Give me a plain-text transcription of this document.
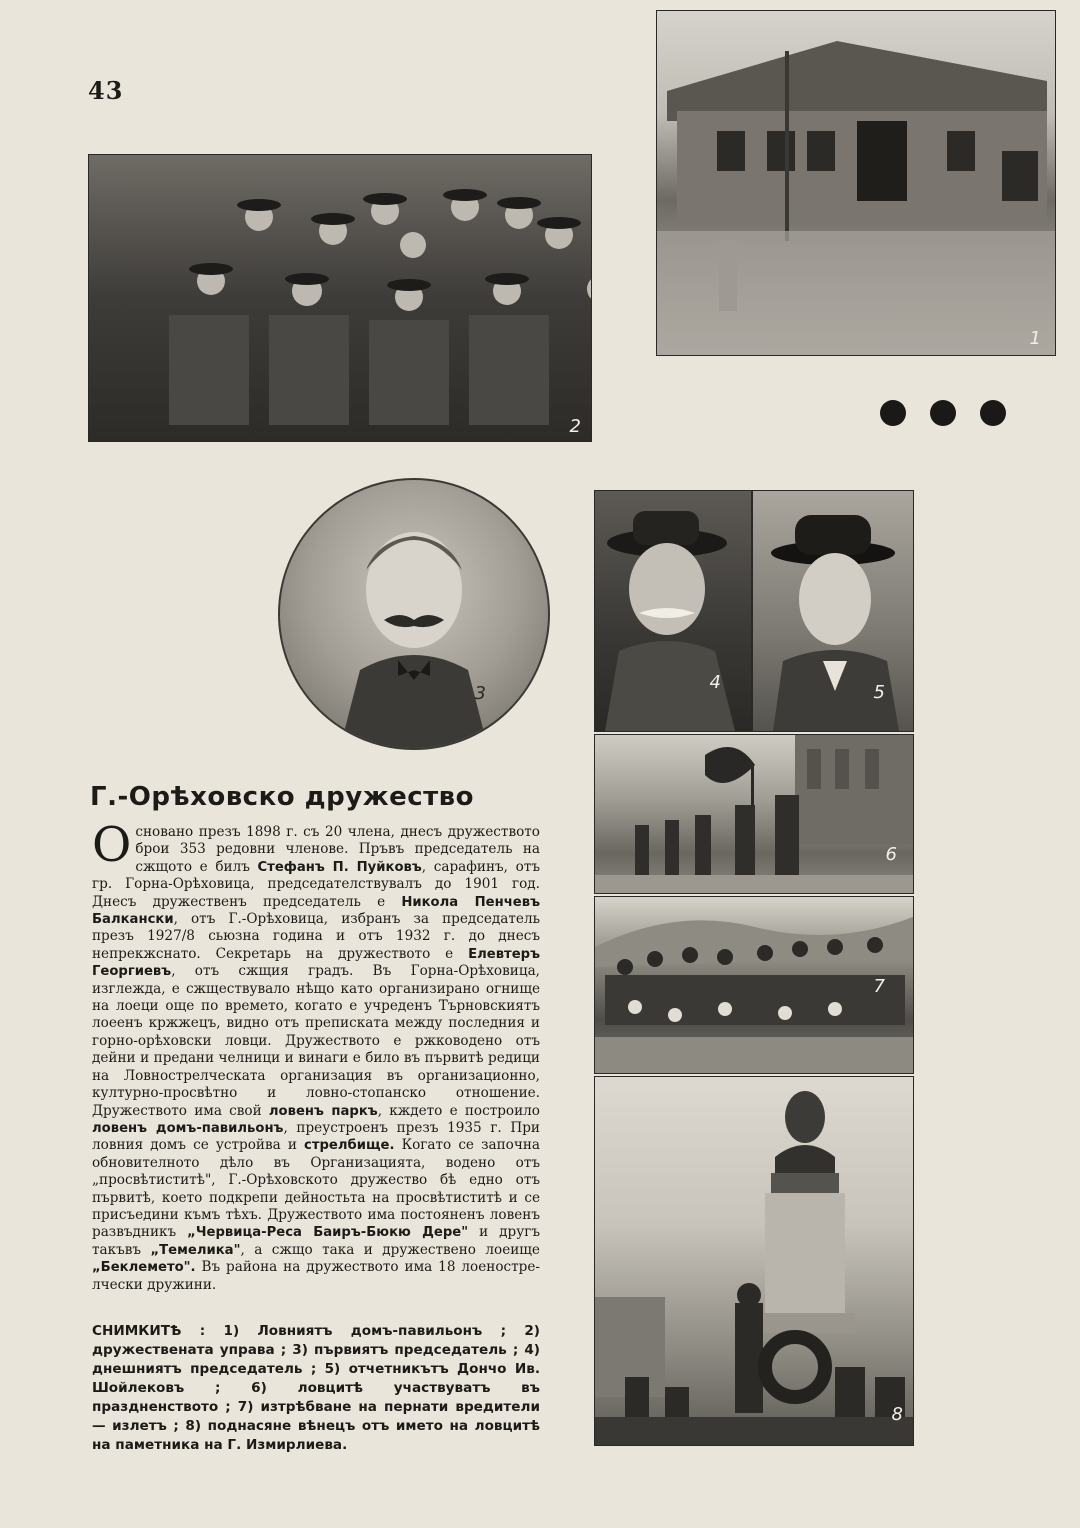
43
1
2
3
4	5
6
7
8
Г.-Орѣховско дружество

Основано презъ 1898 г. съ 20 члена, днесъ дружеството брои 353 редовни членове. Пръвъ председатель на сжщото е билъ Стефанъ П. Пуйковъ, сарафинъ, отъ гр. Горна-Орѣховица, председателствувалъ до 1901 год. Днесъ дружественъ председатель е Никола Пенчевъ Балкански, отъ Г.-Орѣховица, избранъ за председатель презъ 1927/8 сьюзна година и отъ 1932 г. до днесъ непрекжснато. Секретарь на дружеството е Елевтеръ Георгиевъ, отъ сжщия градъ. Въ Горна-Орѣховица, изглежда, е сжществувало нѣщо като организирано огнище на лоеци още по времето, когато е учреденъ Търновскиятъ лоеенъ кржжецъ, видно отъ преписката между последния и горно-орѣховски ловци. Дружеството е ржководено отъ дейни и предани челници и винаги е било въ първитѣ редици на Ловнострелческата организация въ организационно, културно-просвѣтно и ловно-стопанско отношение. Дружеството има свой ловенъ паркъ, кждето е построило ловенъ домъ-павильонъ, преустроенъ презъ 1935 г. При ловния домъ се устройва и стрелбище. Когато се започна обновителното дѣло въ Организацията, водено отъ „просвѣтиститѣ", Г.-Орѣховското дружество бѣ едно отъ първитѣ, което подкрепи дейностьта на просвѣтиститѣ и се присъедини къмъ тѣхъ. Дружеството има постояненъ ловенъ развъдникъ „Червица-Реса Баиръ-Бюкю Дере" и другъ такъвъ „Темелика", а сжщо така и дружествено лоеище „Беклемето". Въ района на дружеството има 18 лоенострелчески дружини.

СНИМКИТѢ : 1) Ловниятъ домъ-павильонъ ; 2) дружествената управа ; 3) първиятъ председатель ; 4) днешниятъ председатель ; 5) отчетникътъ Дончо Ив. Шойлековъ ; 6) ловцитѣ участвуватъ въ праздненството ; 7) изтрѣбване на пернати вредители — излетъ ; 8) поднасяне вѣнецъ отъ името на ловцитѣ на паметника на Г. Измирлиева.
